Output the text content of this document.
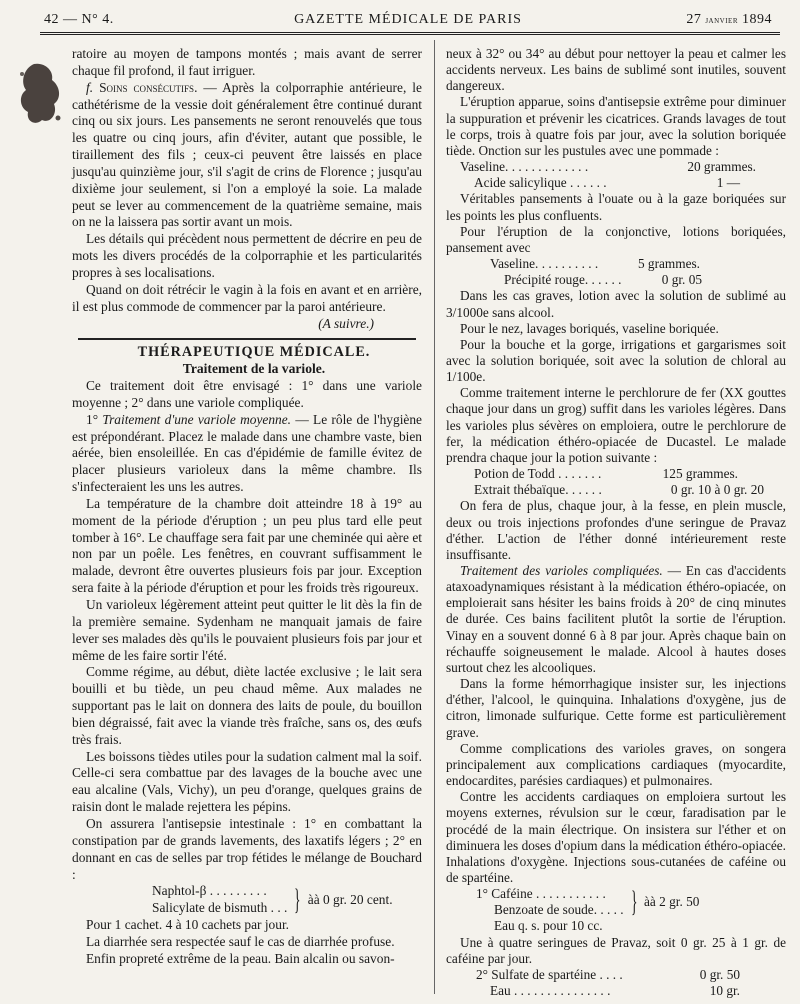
42 — N° 4.	GAZETTE MÉDICALE DE PARIS	27 janvier 1894

ratoire au moyen de tampons montés ; mais avant de serrer chaque fil profond, il faut irriguer.

f. Soins consécutifs. — Après la colporraphie antérieure, le cathétérisme de la vessie doit généralement être continué durant cinq ou six jours. Les pansements ne seront renouvelés que tous les quatre ou cinq jours, afin d'éviter, autant que possible, le tiraillement des fils ; ceux-ci peuvent être laissés en place jusqu'au quinzième jour, s'il s'agit de crins de Florence ; jusqu'au dixième jour seulement, si l'on a employé la soie. La malade peut se lever au commencement de la quatrième semaine, mais on ne la laissera pas sortir avant un mois.

Les détails qui précèdent nous permettent de décrire en peu de mots les divers procédés de la colporraphie et les particularités propres à ses localisations.

Quand on doit rétrécir le vagin à la fois en avant et en arrière, il est plus commode de commencer par la paroi antérieure.

(A suivre.)

THÉRAPEUTIQUE MÉDICALE.

Traitement de la variole.

Ce traitement doit être envisagé : 1° dans une variole moyenne ; 2° dans une variole compliquée.

1° Traitement d'une variole moyenne. — Le rôle de l'hygiène est prépondérant. Placez le malade dans une chambre vaste, bien aérée, bien ensoleillée. En cas d'épidémie de famille évitez de placer plusieurs varioleux dans la même chambre. Ils s'infecteraient les uns les autres.

La température de la chambre doit atteindre 18 à 19° au moment de la période d'éruption ; un peu plus tard elle peut tomber à 16°. Le chauffage sera fait par une cheminée qui aère et non par un poêle. Les fenêtres, en couvrant suffisamment le malade, devront être ouvertes plusieurs fois par jour. Exception sera faite à la période d'éruption et pour les froids très rigoureux.

Un varioleux légèrement atteint peut quitter le lit dès la fin de la première semaine. Sydenham ne manquait jamais de faire lever ses malades dès qu'ils le pouvaient plusieurs fois par jour et même de les faire sortir l'été.

Comme régime, au début, diète lactée exclusive ; le lait sera bouilli et bu tiède, un peu chaud même. Aux malades ne supportant pas le lait on donnera des laits de poule, du bouillon bien dégraissé, fait avec la viande très fraîche, sans os, des œufs très frais.

Les boissons tièdes utiles pour la sudation calment mal la soif. Celle-ci sera combattue par des lavages de la bouche avec une eau alcaline (Vals, Vichy), un peu d'orange, quelques grains de raisin dont le malade rejettera les pépins.

On assurera l'antisepsie intestinale : 1° en combattant la constipation par de grands lavements, des laxatifs légers ; 2° en donnant en cas de selles par trop fétides le mélange de Bouchard :

Naphtol-β . . . . . . . . .
Salicylate de bismuth . . . } àà 0 gr. 20 cent.

Pour 1 cachet. 4 à 10 cachets par jour.

La diarrhée sera respectée sauf le cas de diarrhée profuse.

Enfin propreté extrême de la peau. Bain alcalin ou savon-

neux à 32° ou 34° au début pour nettoyer la peau et calmer les accidents nerveux. Les bains de sublimé sont inutiles, souvent dangereux.

L'éruption apparue, soins d'antisepsie extrême pour diminuer la suppuration et prévenir les cicatrices. Grands lavages de tout le corps, trois à quatre fois par jour, avec la solution boriquée tiède. Onction sur les pustules avec une pommade :

Vaseline. . . . . . . . . . . . .	20 grammes.
Acide salicylique . . . . . .	1 —

Véritables pansements à l'ouate ou à la gaze boriquées sur les points les plus confluents.

Pour l'éruption de la conjonctive, lotions boriquées, pansement avec

Vaseline. . . . . . . . . .	5 grammes.
Précipité rouge. . . . . .	0 gr. 05

Dans les cas graves, lotion avec la solution de sublimé au 3/1000e sans alcool.

Pour le nez, lavages boriqués, vaseline boriquée.

Pour la bouche et la gorge, irrigations et gargarismes soit avec la solution boriquée, soit avec la solution de chloral au 1/100e.

Comme traitement interne le perchlorure de fer (XX gouttes chaque jour dans un grog) suffit dans les varioles légères. Dans les varioles plus sévères on emploiera, outre le perchlorure de fer, la médication éthéro-opiacée de Ducastel. Le malade prendra chaque jour la potion suivante :

Potion de Todd . . . . . . .	125 grammes.
Extrait thébaïque. . . . . .	0 gr. 10 à 0 gr. 20

On fera de plus, chaque jour, à la fesse, en plein muscle, deux ou trois injections profondes d'une seringue de Pravaz d'éther. L'action de l'éther donné intérieurement reste insuffisante.

Traitement des varioles compliquées. — En cas d'accidents ataxoadynamiques résistant à la médication éthéro-opiacée, on emploierait sans hésiter les bains froids à 20° de cinq minutes de durée. Ces bains facilitent plutôt la sortie de l'éruption. Vinay en a souvent donné 6 à 8 par jour. Après chaque bain on réchauffe soigneusement le malade. Alcool à hautes doses surtout chez les alcooliques.

Dans la forme hémorrhagique insister sur, les injections d'éther, l'alcool, le quinquina. Inhalations d'oxygène, jus de citron, limonade sulfurique. Cette forme est particulièrement grave.

Comme complications des varioles graves, on songera principalement aux complications cardiaques (myocardite, endocardites, parésies cardiaques) et pulmonaires.

Contre les accidents cardiaques on emploiera surtout les moyens externes, révulsion sur le cœur, faradisation par le procédé de la main électrique. On insistera sur l'éther et on diminuera les doses d'opium dans la médication éthéro-opiacée. Inhalations d'oxygène. Injections sous-cutanées de caféine ou de spartéine.

1° Caféine . . . . . . . . . . .
Benzoate de soude. . . . . } àà 2 gr. 50

Eau q. s. pour 10 cc.

Une à quatre seringues de Pravaz, soit 0 gr. 25 à 1 gr. de caféine par jour.

2° Sulfate de spartéine . . . .	0 gr. 50
Eau . . . . . . . . . . . . . . .	10 gr.
